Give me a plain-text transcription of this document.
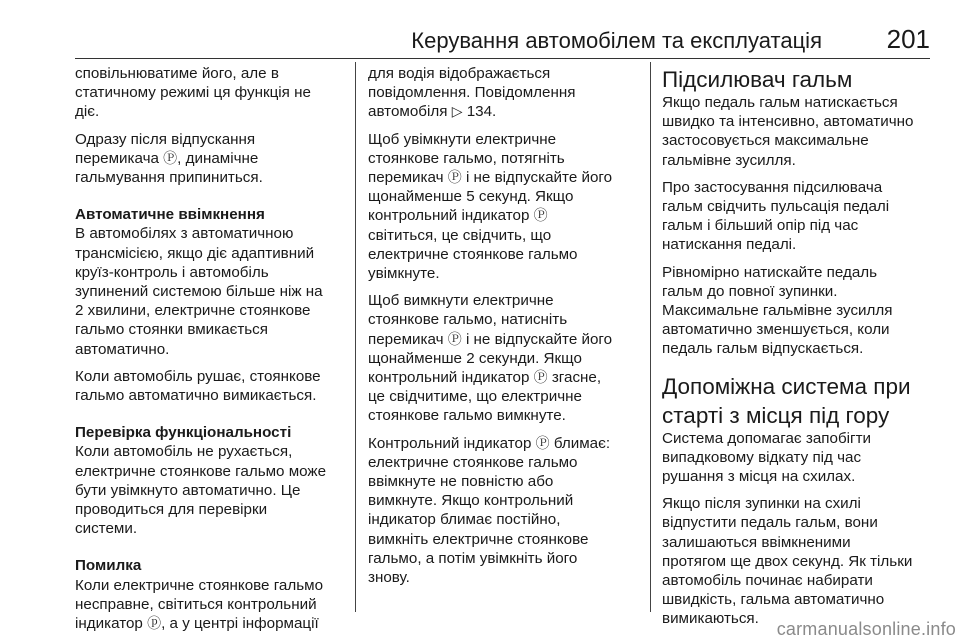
Керування автомобілем та експлуатація 201
сповільнюватиме його, але в
статичному режимі ця функція не
діє.
Одразу після відпускання
перемикача Ⓟ, динамічне
гальмування припиниться.
Автоматичне ввімкнення
В автомобілях з автоматичною
трансмісією, якщо діє адаптивний
круїз-контроль і автомобіль
зупинений системою більше ніж на
2 хвилини, електричне стоянкове
гальмо стоянки вмикається
автоматично.
Коли автомобіль рушає, стоянкове
гальмо автоматично вимикається.
Перевірка функціональності
Коли автомобіль не рухається,
електричне стоянкове гальмо може
бути увімкнуто автоматично. Це
проводиться для перевірки
системи.
Помилка
Коли електричне стоянкове гальмо
несправне, світиться контрольний
індикатор ⓟ, а у центрі інформації
для водія відображається
повідомлення. Повідомлення
автомобіля ▷ 134.
Щоб увімкнути електричне
стоянкове гальмо, потягніть
перемикач Ⓟ і не відпускайте його
щонайменше 5 секунд. Якщо
контрольний індикатор Ⓟ
світиться, це свідчить, що
електричне стоянкове гальмо
увімкнуте.
Щоб вимкнути електричне
стоянкове гальмо, натисніть
перемикач Ⓟ і не відпускайте його
щонайменше 2 секунди. Якщо
контрольний індикатор Ⓟ згасне,
це свідчитиме, що електричне
стоянкове гальмо вимкнуте.
Контрольний індикатор Ⓟ блимає:
електричне стоянкове гальмо
ввімкнуте не повністю або
вимкнуте. Якщо контрольний
індикатор блимає постійно,
вимкніть електричне стоянкове
гальмо, а потім увімкніть його
знову.
Підсилювач гальм
Якщо педаль гальм натискається
швидко та інтенсивно, автоматично
застосовується максимальне
гальмівне зусилля.
Про застосування підсилювача
гальм свідчить пульсація педалі
гальм і більший опір під час
натискання педалі.
Рівномірно натискайте педаль
гальм до повної зупинки.
Максимальне гальмівне зусилля
автоматично зменшується, коли
педаль гальм відпускається.
Допоміжна система при
старті з місця під гору
Система допомагає запобігти
випадковому відкату під час
рушання з місця на схилах.
Якщо після зупинки на схилі
відпустити педаль гальм, вони
залишаються ввімкненими
протягом ще двох секунд. Як тільки
автомобіль починає набирати
швидкість, гальма автоматично
вимикаються.
carmanualsonline.info
